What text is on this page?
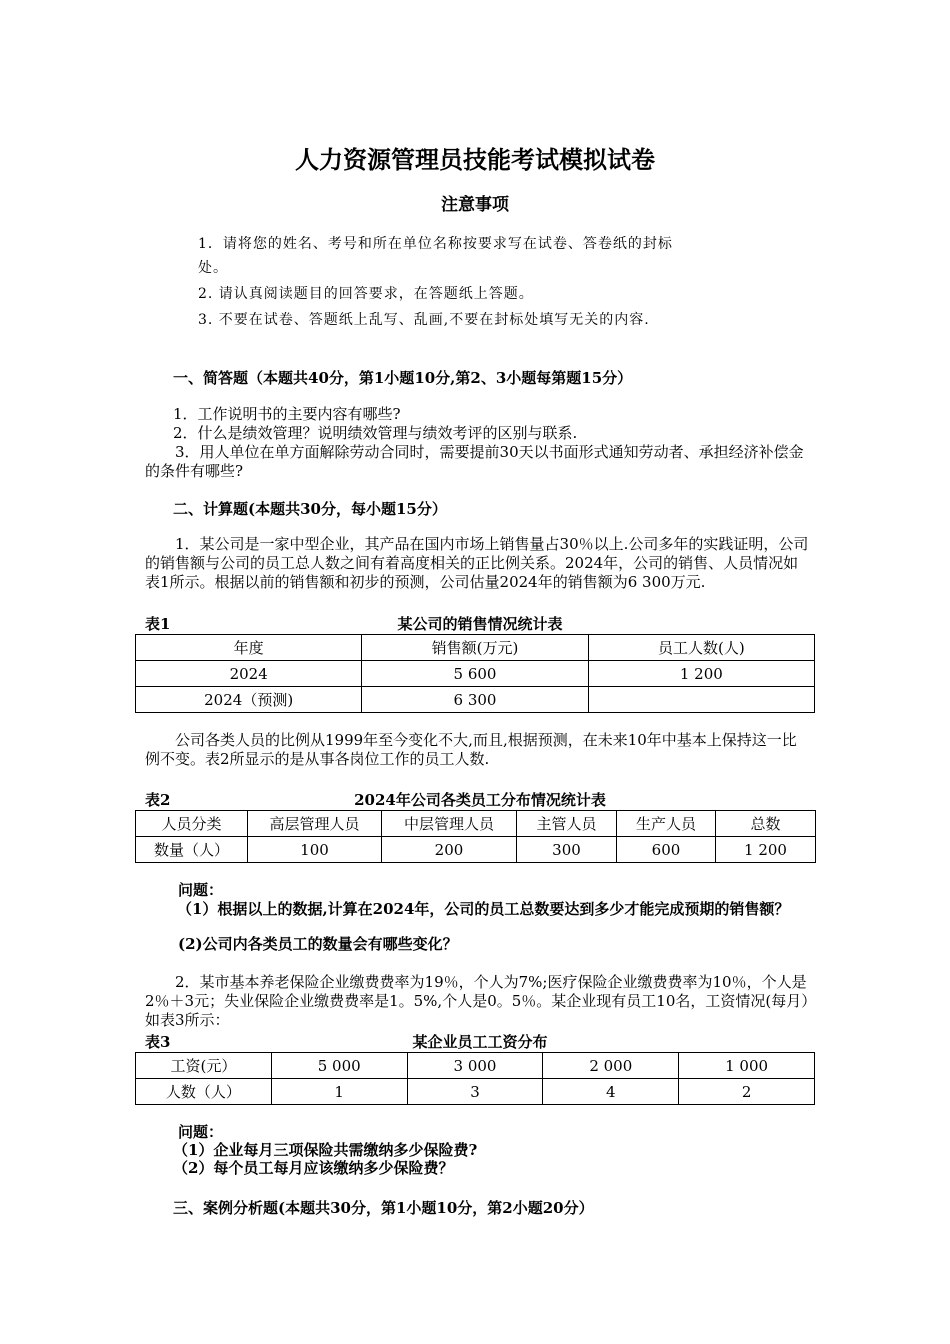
人力资源管理员技能考试模拟试卷
注意事项
1．请将您的姓名、考号和所在单位名称按要求写在试卷、答卷纸的封标
处。
2. 请认真阅读题目的回答要求，在答题纸上答题。
3. 不要在试卷、答题纸上乱写、乱画,不要在封标处填写无关的内容.
一、简答题（本题共40分，第1小题10分,第2、3小题每第题15分）
1．工作说明书的主要内容有哪些?
2．什么是绩效管理？说明绩效管理与绩效考评的区别与联系.
3．用人单位在单方面解除劳动合同时，需要提前30天以书面形式通知劳动者、承担经济补偿金的条件有哪些?
二、计算题(本题共30分，每小题15分）
1．某公司是一家中型企业，其产品在国内市场上销售量占30％以上.公司多年的实践证明，公司的销售额与公司的员工总人数之间有着高度相关的正比例关系。2024年，公司的销售、人员情况如表1所示。根据以前的销售额和初步的预测，公司估量2024年的销售额为6 300万元.
表1	某公司的销售情况统计表
年度	销售额(万元)	员工人数(人)
2024	5 600	1 200
2024（预测)	6 300	
公司各类人员的比例从1999年至今变化不大,而且,根据预测，在未来10年中基本上保持这一比例不变。表2所显示的是从事各岗位工作的员工人数.
表2	2024年公司各类员工分布情况统计表
人员分类	高层管理人员	中层管理人员	主管人员	生产人员	总数
数量（人）	100	200	300	600	1 200
问题：
（1）根据以上的数据,计算在2024年，公司的员工总数要达到多少才能完成预期的销售额？
(2)公司内各类员工的数量会有哪些变化？
2．某市基本养老保险企业缴费费率为19％，个人为7%;医疗保险企业缴费费率为10％，个人是2％＋3元；失业保险企业缴费费率是1。5%,个人是0。5％。某企业现有员工10名，工资情况(每月）如表3所示：
表3	某企业员工工资分布
工资(元）	5 000	3 000	2 000	1 000
人数（人）	1	3	4	2
问题：
（1）企业每月三项保险共需缴纳多少保险费?
（2）每个员工每月应该缴纳多少保险费？
三、案例分析题(本题共30分，第1小题10分，第2小题20分）
